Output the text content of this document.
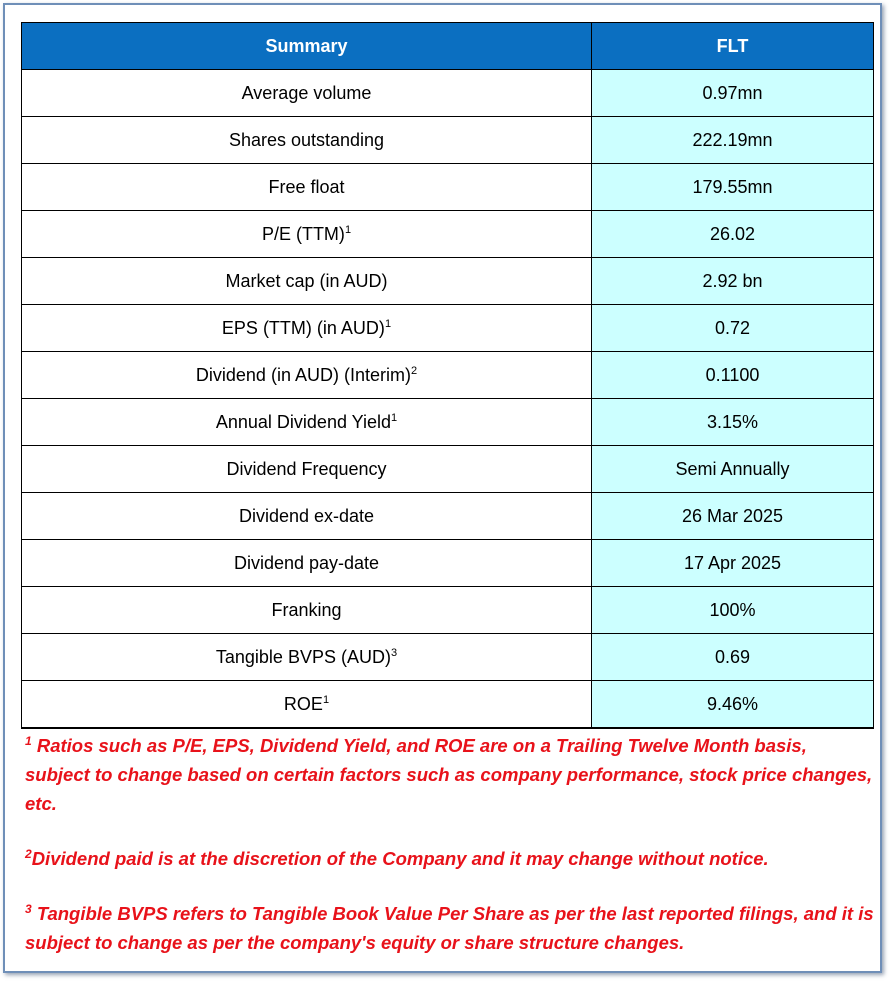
Summary	FLT
Average volume	0.97mn
Shares outstanding	222.19mn
Free float	179.55mn
P/E (TTM)$^1$	26.02
Market cap (in AUD)	2.92 bn
EPS (TTM) (in AUD)$^1$	0.72
Dividend (in AUD) (Interim)$^2$	0.1100
Annual Dividend Yield$^1$	3.15%
Dividend Frequency	Semi Annually
Dividend ex-date	26 Mar 2025
Dividend pay-date	17 Apr 2025
Franking	100%
Tangible BVPS (AUD)$^3$	0.69
ROE$^1$	9.46%

$^1$ Ratios such as P/E, EPS, Dividend Yield, and ROE are on a Trailing Twelve Month basis, subject to change based on certain factors such as company performance, stock price changes, etc.

$^2$Dividend paid is at the discretion of the Company and it may change without notice.

$^3$ Tangible BVPS refers to Tangible Book Value Per Share as per the last reported filings, and it is subject to change as per the company's equity or share structure changes.
